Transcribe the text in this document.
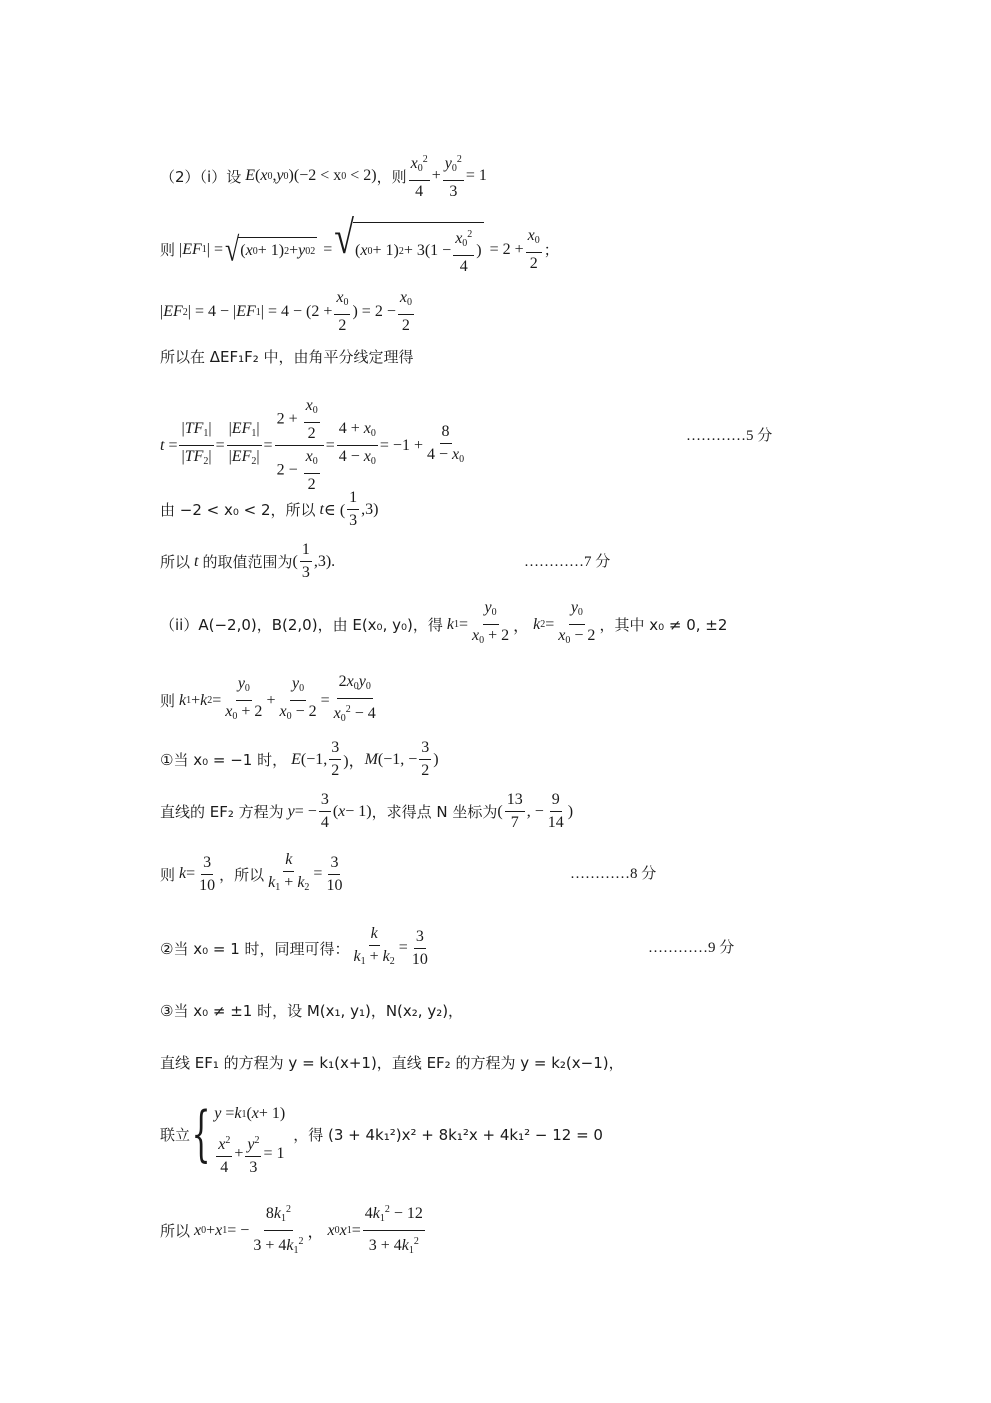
（2）（i）设 E ( x 0 , y 0 ) (−2 < x 0 < 2) ，则 $\frac{x_0^2}{4} + \frac{y_0^2}{3} = 1$
则 | EF 1 | = √ ( x 0 + 1) 2 + y 0 2 = √ ( x 0 + 1) $2 + 3(1 - \frac{x_0^2}{4}$ ) = $2 + \frac{x_0}{2}$ ；
| EF 2 | = 4 − | EF 1 | = $4 - (2 + \frac{x_0}{2}$ ) = $2 - \frac{x_0}{2}$
所以在 ΔEF₁F₂ 中，由角平分线定理得
$t = \frac{|TF_1|}{|TF_2|} = \frac{|EF_1|}{|EF_2|} = \frac{2 + \frac{x_0}{2}}{2 - \frac{x_0}{2}} = \frac{4 + x_0}{4 - x_0} = -1 + \frac{8}{4 - x_0}$	…………5 分
由 −2 < x₀ < 2，所以
t ∈ ( $\frac{1}{3} ,3$)
所以 t 的取值范围为 ( $\frac{1}{3} ,3$).	…………7 分
（ii） A(−2,0)，B(2,0)，由 E(x₀, y₀)，得
k $1 = \frac{y_0}{x_0 + 2}$ ， k $2 = \frac{y_0}{x_0 - 2}$ ，其中 x₀ ≠ 0, ±2
则
k 1 + k $2 = \frac{y_0}{x_0 + 2} + \frac{y_0}{x_0 - 2} = \frac{2x_0y_0}{x_0^2 - 4}$
①当 x₀ = −1 时，
E (−1, $\frac{3}{2}$ )， M (−1, − $\frac{3}{2}$ )
直线的 EF₂ 方程为
y = − $\frac{3}{4}$ ( x − 1) ，求得点 N 坐标为 ( $\frac{13}{7}$ , − $\frac{9}{14}$ )
则
$k = \frac{3}{10}$ ，所以 $\frac{k}{k_1 + k_2} = \frac{3}{10}$	…………8 分
②当 x₀ = 1 时，同理可得： $\frac{k}{k_1 + k_2} = \frac{3}{10}$	…………9 分
③当 x₀ ≠ ±1 时，设 M(x₁, y₁)，N(x₂, y₂)，
直线 EF₁ 的方程为 y = k₁(x+1)，直线 EF₂ 的方程为 y = k₂(x−1)，
联立 { y = k 1 ( x + 1)
$\frac{x^2}{4} + \frac{y^2}{3} = 1$
，得 (3 + 4k₁²)x² + 8k₁²x + 4k₁² − 12 = 0
所以
x 0 + x 1 = − $\frac{8k_1^2}{3 + 4k_1^2}$ ， x 0 x $1 = \frac{4k_1^2 - 12}{3 + 4k_1^2}$
